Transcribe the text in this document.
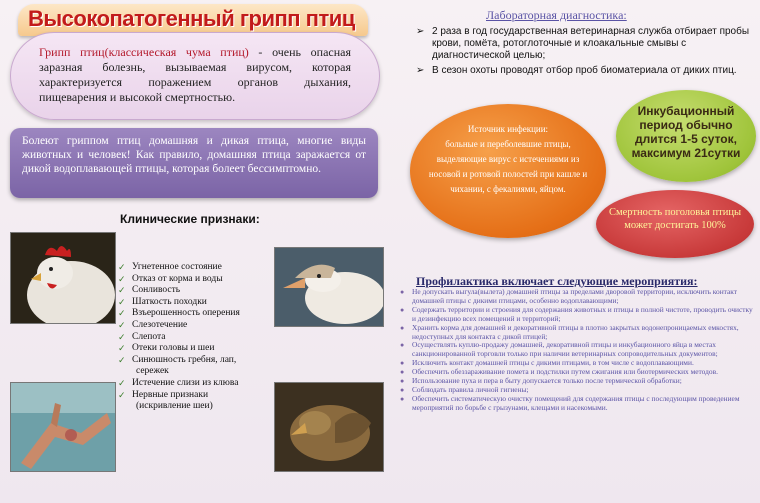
Высокопатогенный грипп птиц
Грипп птиц(классическая чума птиц) - очень опасная заразная болезнь, вызываемая вирусом, которая характеризуется поражением органов дыхания, пищеварения и высокой смертностью.
Болеют гриппом птиц домашняя и дикая птица, многие виды животных и человек! Как правило, домашняя птица заражается от дикой водоплавающей птицы, которая болеет бессимптомно.
Клинические признаки:
✓ Угнетенное состояние
✓ Отказ от корма и воды
✓ Сонливость
✓ Шаткость походки
✓ Взъерошенность оперения
✓ Слезотечение
✓ Слепота
✓ Отеки головы и шеи
✓ Синюшность гребня, лап,
сережек
✓ Истечение слизи из клюва
✓ Нервные признаки
(искривление шеи)
Лабораторная диагностика:
➢ 2 раза в год государственная ветеринарная служба отбирает пробы крови, помёта, ротоглоточные и клоакальные смывы с диагностической целью;
➢ В сезон охоты проводят отбор проб биоматериала от диких птиц.
Источник инфекции:
больные и переболевшие птицы, выделяющие вирус с истечениями из носовой и ротовой полостей при кашле и чихании, с фекалиями, яйцом.
Инкубационный период обычно длится 1-5 суток, максимум 21сутки
Смертность поголовья птицы может достигать 100%
Профилактика включает следующие мероприятия:
● Не допускать выгула(вылета) домашней птицы за пределами дворовой территории, исключить контакт домашней птицы с дикими птицами, особенно водоплавающими;
● Содержать территории и строения для содержания животных и птицы в полной чистоте, проводить очистку и дезинфекцию всех помещений и территорий;
● Хранить корма для домашней и декоративной птицы в плотно закрытых водонепроницаемых емкостях, недоступных для контакта с дикой птицей;
● Осуществлять куплю-продажу домашней, декоративной птицы и инкубационного яйца в местах санкционированной торговли только при наличии ветеринарных сопроводительных документов;
● Исключить контакт домашней птицы с дикими птицами, в том числе с водоплавающими.
● Обеспечить обеззараживание помета и подстилки путем сжигания или биотермических методов.
● Использование пуха и пера в быту допускается только после термической обработки;
● Соблюдать правила личной гигиены;
● Обеспечить систематическую очистку помещений для содержания птицы с последующим проведением мероприятий по борьбе с грызунами, клещами и насекомыми.
